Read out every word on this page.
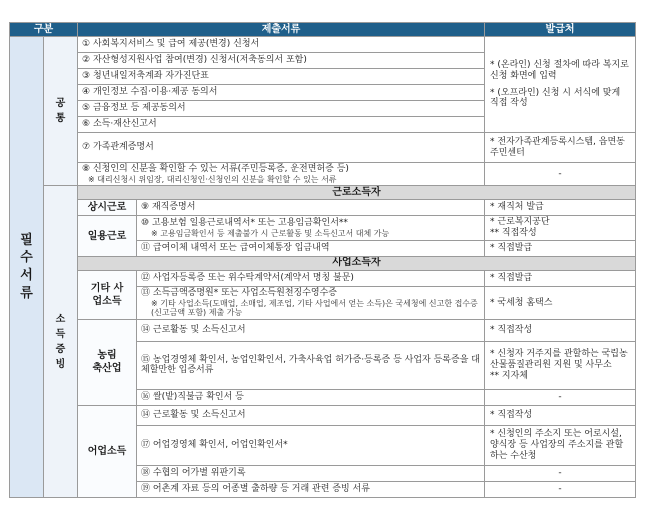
구분		제출서류		발급처
필수서류	공통	① 사회복지서비스 및 급여 제공(변경) 신청서		* (온라인) 신청 절차에 따라 복지로 신청 화면에 입력
* (오프라인) 신청 시 서식에 맞게 직접 작성

		② 자산형성지원사업 참여(변경) 신청서(저축동의서 포함)		
		③ 청년내일저축계좌 자가진단표		
		④ 개인정보 수집·이용·제공 동의서		
		⑤ 금융정보 등 제공동의서		
		⑥ 소득·재산신고서		
		⑦ 가족관계증명서		* 전자가족관계등록시스템, 읍면동 주민센터
		⑧ 신청인의 신분을 확인할 수 있는 서류(주민등록증, 운전면허증 등)
※ 대리신청시 위임장, 대리신청인·신청인의 신분을 확인할 수 있는 서류		-
	소득증빙	근로소득자		
		상시근로	⑨ 재직증명서	* 재직처 발급
		일용근로	⑩ 고용보험 일용근로내역서* 또는 고용임금확인서**
※ 고용임금확인서 등 제출불가 시 근로활동 및 소득신고서 대체 가능	* 근로복지공단
** 직접작성

			⑪ 급여이체 내역서 또는 급여이체통장 입금내역	* 직접발급
		사업소득자		
		기타 사업소득	⑫ 사업자등록증 또는 위수탁계약서(계약서 명칭 불문)	* 직접발급
			⑬ 소득금액증명원* 또는 사업소득원천징수영수증
※ 기타 사업소득(도매업, 소매업, 제조업, 기타 사업에서 얻는 소득)은 국세청에 신고한 접수증(신고금액 포함) 제출 가능	* 국세청 홈택스
		농림 축산업	⑭ 근로활동 및 소득신고서	* 직접작성
			⑮ 농업경영체 확인서, 농업인확인서, 가축사육업 허가증·등록증 등 사업자 등록증을 대체할만한 입증서류	* 신청자 거주지를 관할하는 국립농산물품질관리원 지원 및 사무소
** 지자체

			⑯ 쌀(밭)직불금 확인서 등	-
		어업소득	⑭ 근로활동 및 소득신고서	* 직접작성
			⑰ 어업경영체 확인서, 어업인확인서*	* 신청인의 주소지 또는 어로시설, 양식장 등 사업장의 주소지를 관할하는 수산청
			⑱ 수협의 어가별 위판기록	-
			⑲ 어촌계 자료 등의 어종별 출하량 등 거래 관련 증빙 서류	-
